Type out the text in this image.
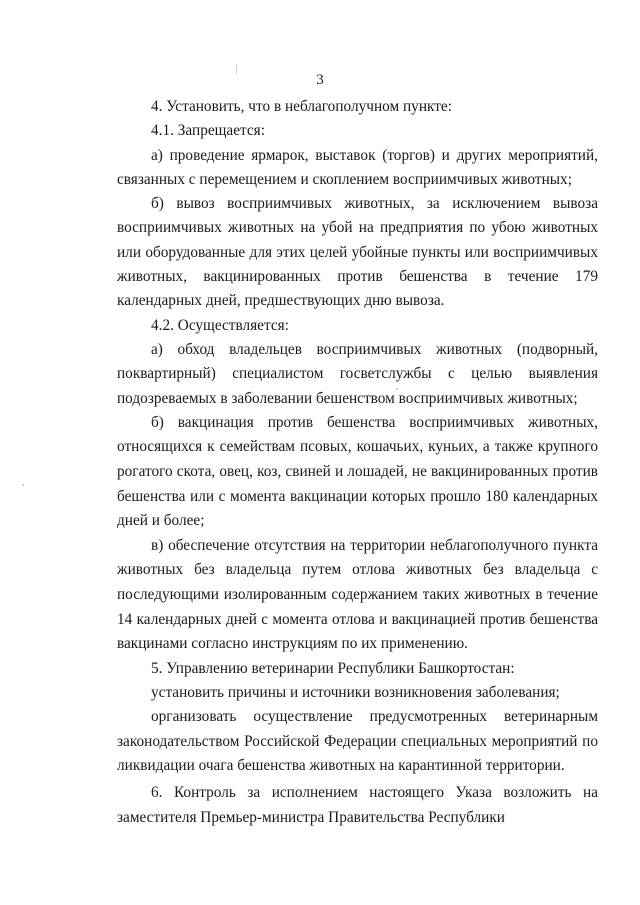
3

4. Установить, что в неблагополучном пункте:

4.1. Запрещается:

а) проведение ярмарок, выставок (торгов) и других мероприятий, связанных с перемещением и скоплением восприимчивых животных;

б) вывоз восприимчивых животных, за исключением вывоза восприимчивых животных на убой на предприятия по убою животных или оборудованные для этих целей убойные пункты или восприимчивых животных, вакцинированных против бешенства в течение 179 календарных дней, предшествующих дню вывоза.

4.2. Осуществляется:

а) обход владельцев восприимчивых животных (подворный, поквартирный) специалистом госветслужбы с целью выявления подозреваемых в заболевании бешенством восприимчивых животных;

б) вакцинация против бешенства восприимчивых животных, относящихся к семействам псовых, кошачьих, куньих, а также крупного рогатого скота, овец, коз, свиней и лошадей, не вакцинированных против бешенства или с момента вакцинации которых прошло 180 календарных дней и более;

в) обеспечение отсутствия на территории неблагополучного пункта животных без владельца путем отлова животных без владельца с последующими изолированным содержанием таких животных в течение 14 календарных дней с момента отлова и вакцинацией против бешенства вакцинами согласно инструкциям по их применению.

5. Управлению ветеринарии Республики Башкортостан:

установить причины и источники возникновения заболевания;

организовать осуществление предусмотренных ветеринарным законодательством Российской Федерации специальных мероприятий по ликвидации очага бешенства животных на карантинной территории.

6. Контроль за исполнением настоящего Указа возложить на заместителя Премьер-министра Правительства Республики
